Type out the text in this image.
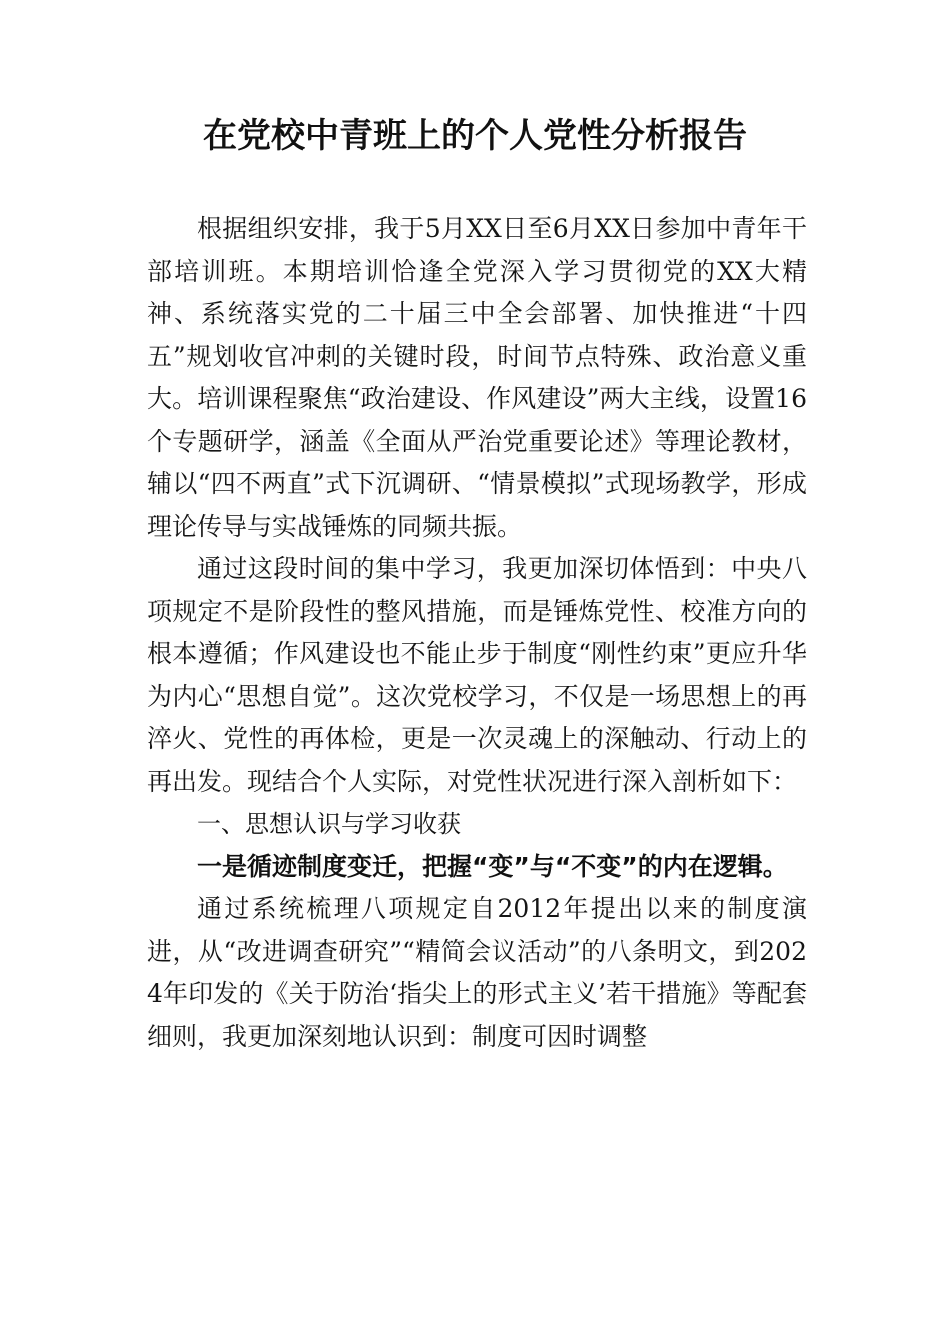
在党校中青班上的个人党性分析报告

根据组织安排，我于5月XX日至6月XX日参加中青年干部培训班。本期培训恰逢全党深入学习贯彻党的XX大精神、系统落实党的二十届三中全会部署、加快推进“十四五”规划收官冲刺的关键时段，时间节点特殊、政治意义重大。培训课程聚焦“政治建设、作风建设”两大主线，设置16个专题研学，涵盖《全面从严治党重要论述》等理论教材，辅以“四不两直”式下沉调研、“情景模拟”式现场教学，形成理论传导与实战锤炼的同频共振。

通过这段时间的集中学习，我更加深切体悟到：中央八项规定不是阶段性的整风措施，而是锤炼党性、校准方向的根本遵循；作风建设也不能止步于制度“刚性约束”更应升华为内心“思想自觉”。这次党校学习，不仅是一场思想上的再淬火、党性的再体检，更是一次灵魂上的深触动、行动上的再出发。现结合个人实际，对党性状况进行深入剖析如下：

一、思想认识与学习收获

一是循迹制度变迁，把握“变”与“不变”的内在逻辑。

通过系统梳理八项规定自2012年提出以来的制度演进，从“改进调查研究”“精简会议活动”的八条明文，到2024年印发的《关于防治‘指尖上的形式主义’若干措施》等配套细则，我更加深刻地认识到：制度可因时调整
